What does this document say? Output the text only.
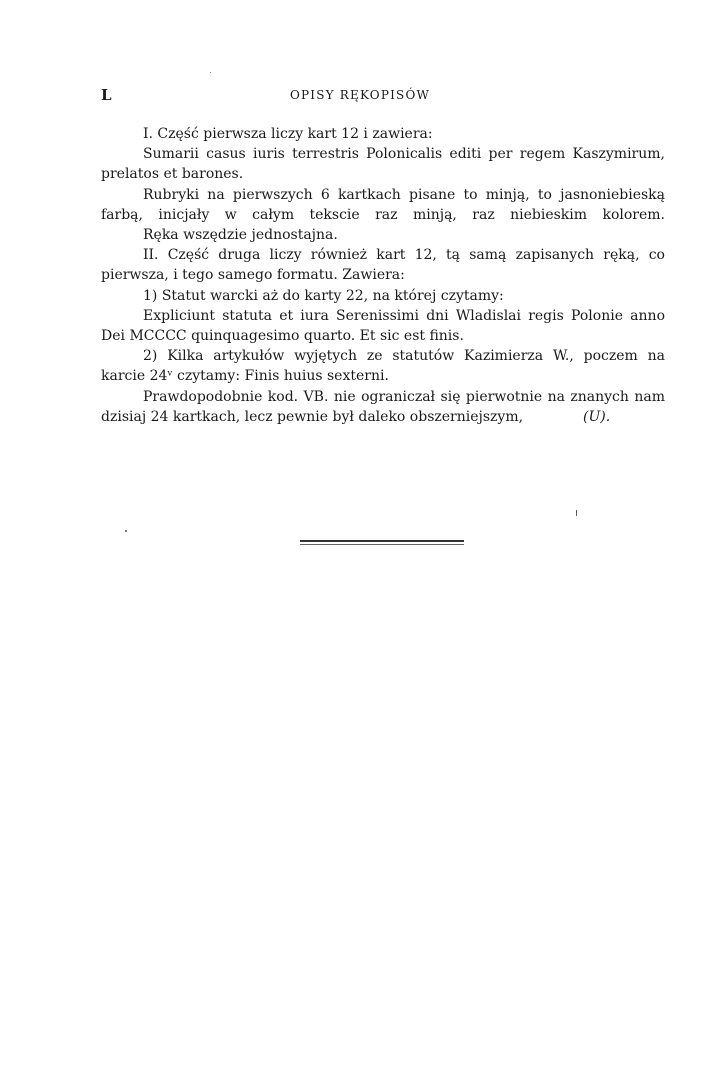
L	OPISY RĘKOPISÓW
I. Część pierwsza liczy kart 12 i zawiera:
Sumarii casus iuris terrestris Polonicalis editi per regem Kaszymirum,
prelatos et barones.
Rubryki na pierwszych 6 kartkach pisane to minją, to jasnoniebieską
farbą, inicjały w całym tekscie raz minją, raz niebieskim kolorem.
Ręka wszędzie jednostajna.
II. Część druga liczy również kart 12, tą samą zapisanych ręką, co
pierwsza, i tego samego formatu. Zawiera:
1) Statut warcki aż do karty 22, na której czytamy:
Expliciunt statuta et iura Serenissimi dni Wladislai regis Polonie anno
Dei MCCCC quinquagesimo quarto. Et sic est finis.
2) Kilka artykułów wyjętych ze statutów Kazimierza W., poczem na
karcie 24ᵛ czytamy: Finis huius sexterni.
Prawdopodobnie kod. VB. nie ograniczał się pierwotnie na znanych nam
dzisiaj 24 kartkach, lecz pewnie był daleko obszerniejszym,	(U).
